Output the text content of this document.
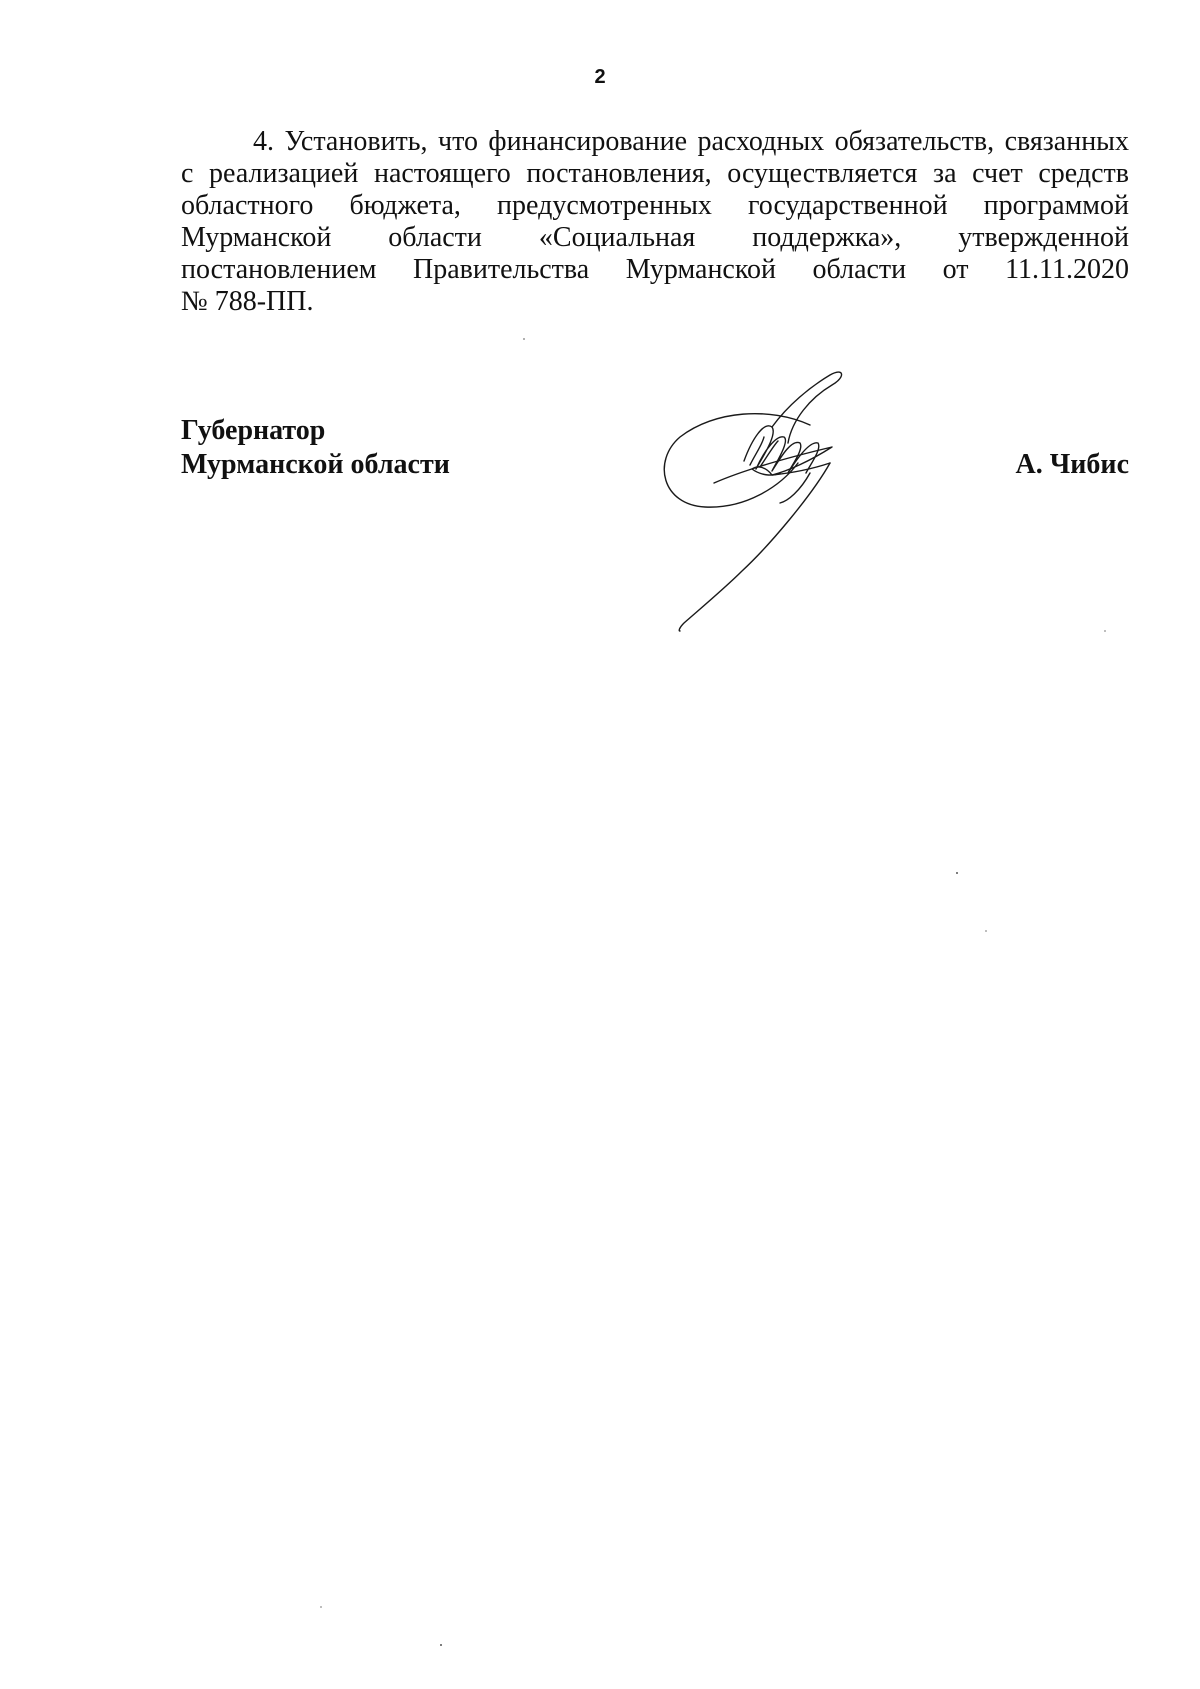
2
4. Установить, что финансирование расходных обязательств, связанных
с реализацией настоящего постановления, осуществляется за счет средств
областного бюджета, предусмотренных государственной программой
Мурманской области «Социальная поддержка», утвержденной
постановлением Правительства Мурманской области от 11.11.2020
№ 788-ПП.
Губернатор
Мурманской области	А. Чибис
